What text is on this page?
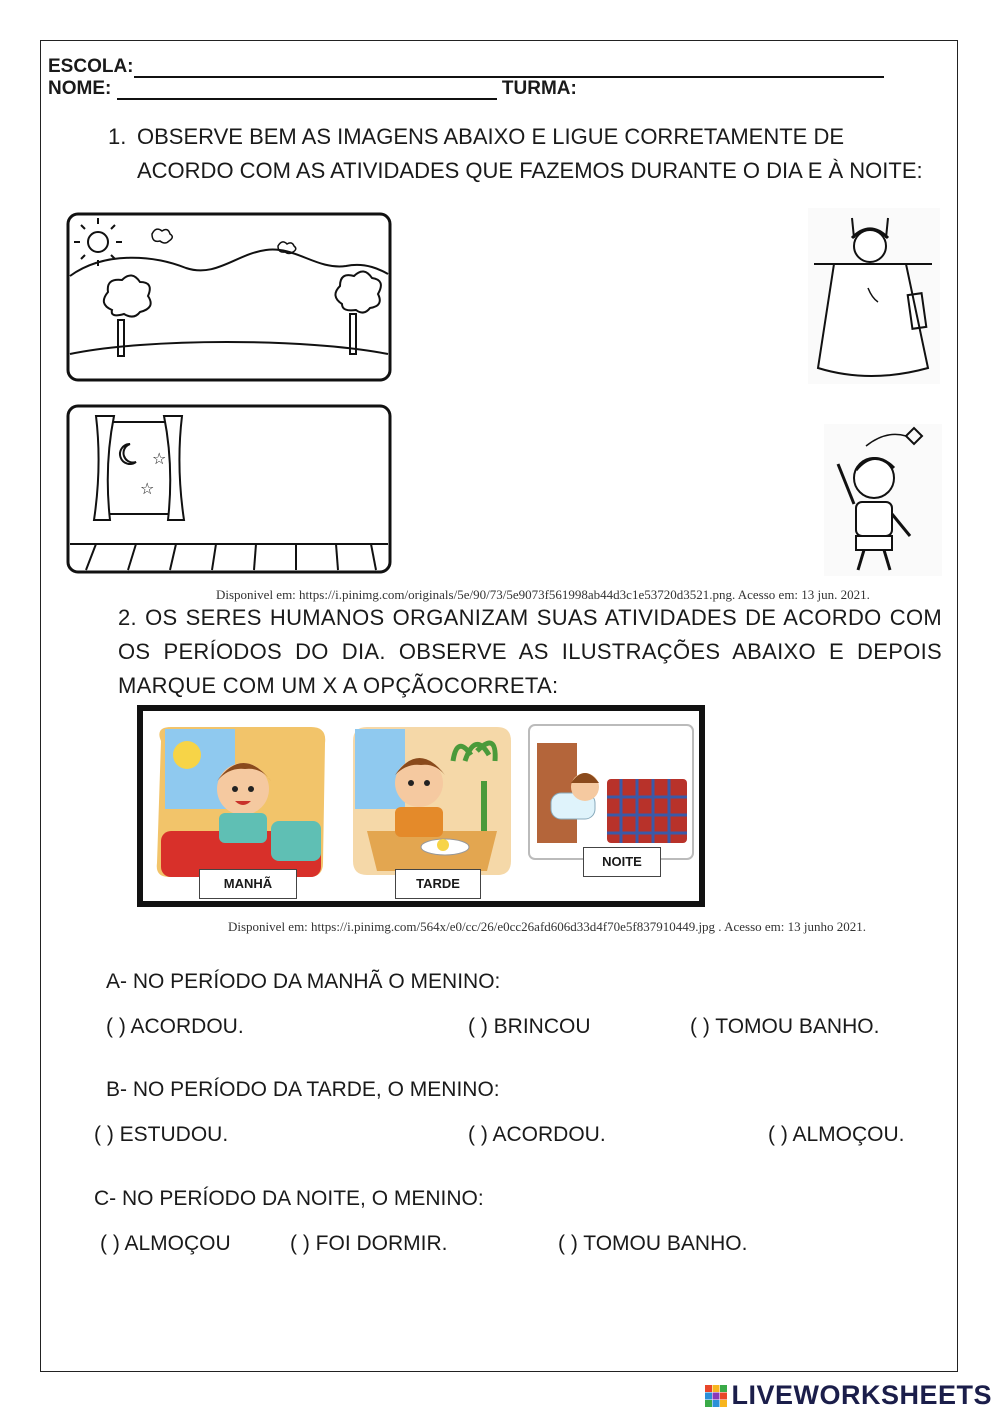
ESCOLA:
NOME:	TURMA:
1. OBSERVE BEM AS IMAGENS ABAIXO E LIGUE CORRETAMENTE DE ACORDO COM AS ATIVIDADES QUE FAZEMOS DURANTE O DIA E À NOITE:
☆
☆
Disponivel em: https://i.pinimg.com/originals/5e/90/73/5e9073f561998ab44d3c1e53720d3521.png. Acesso em: 13 jun. 2021.
2. OS SERES HUMANOS ORGANIZAM SUAS ATIVIDADES DE ACORDO COM OS PERÍODOS DO DIA. OBSERVE AS ILUSTRAÇÕES ABAIXO E DEPOIS MARQUE COM UM X A OPÇÃOCORRETA:
MANHÃ	TARDE
NOITE
Disponivel em: https://i.pinimg.com/564x/e0/cc/26/e0cc26afd606d33d4f70e5f837910449.jpg . Acesso em: 13 junho 2021.
A- NO PERÍODO DA MANHÃ O MENINO:
( ) ACORDOU.	( ) BRINCOU	( ) TOMOU BANHO.
B- NO PERÍODO DA TARDE, O MENINO:
( ) ESTUDOU.	( ) ACORDOU.	( ) ALMOÇOU.
C- NO PERÍODO DA NOITE, O MENINO:
( ) ALMOÇOU	( ) FOI DORMIR.	( ) TOMOU BANHO.
LIVEWORKSHEETS
